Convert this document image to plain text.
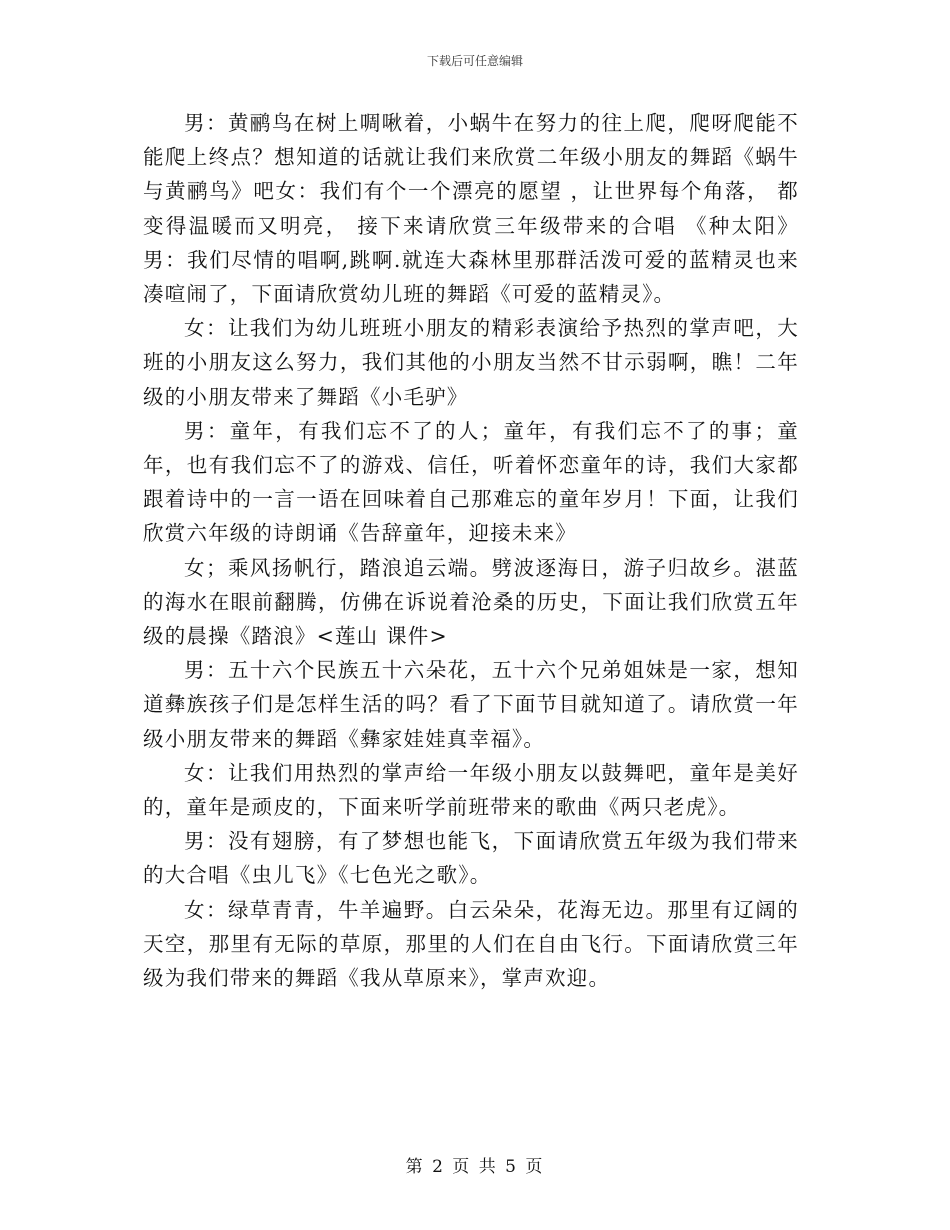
下载后可任意编辑

男：黄鹂鸟在树上啁啾着，小蜗牛在努力的往上爬，爬呀爬能不能爬上终点？想知道的话就让我们来欣赏二年级小朋友的舞蹈《蜗牛与黄鹂鸟》吧女：我们有个一个漂亮的愿望 ，让世界每个角落， 都变得温暖而又明亮， 接下来请欣赏三年级带来的合唱 《种太阳》男：我们尽情的唱啊,跳啊.就连大森林里那群活泼可爱的蓝精灵也来凑喧闹了，下面请欣赏幼儿班的舞蹈《可爱的蓝精灵》。

女：让我们为幼儿班班小朋友的精彩表演给予热烈的掌声吧，大班的小朋友这么努力，我们其他的小朋友当然不甘示弱啊，瞧！二年级的小朋友带来了舞蹈《小毛驴》

男：童年，有我们忘不了的人；童年，有我们忘不了的事；童年，也有我们忘不了的游戏、信任，听着怀恋童年的诗，我们大家都跟着诗中的一言一语在回味着自己那难忘的童年岁月！下面，让我们欣赏六年级的诗朗诵《告辞童年，迎接未来》

女；乘风扬帆行，踏浪追云端。劈波逐海日，游子归故乡。湛蓝的海水在眼前翻腾，仿佛在诉说着沧桑的历史，下面让我们欣赏五年级的晨操《踏浪》<莲山 课件>

男：五十六个民族五十六朵花，五十六个兄弟姐妹是一家，想知道彝族孩子们是怎样生活的吗？看了下面节目就知道了。请欣赏一年级小朋友带来的舞蹈《彝家娃娃真幸福》。

女：让我们用热烈的掌声给一年级小朋友以鼓舞吧，童年是美好的，童年是顽皮的，下面来听学前班带来的歌曲《两只老虎》。

男：没有翅膀，有了梦想也能飞，下面请欣赏五年级为我们带来的大合唱《虫儿飞》《七色光之歌》。

女：绿草青青，牛羊遍野。白云朵朵，花海无边。那里有辽阔的天空，那里有无际的草原，那里的人们在自由飞行。下面请欣赏三年级为我们带来的舞蹈《我从草原来》，掌声欢迎。

第 2 页 共 5 页
